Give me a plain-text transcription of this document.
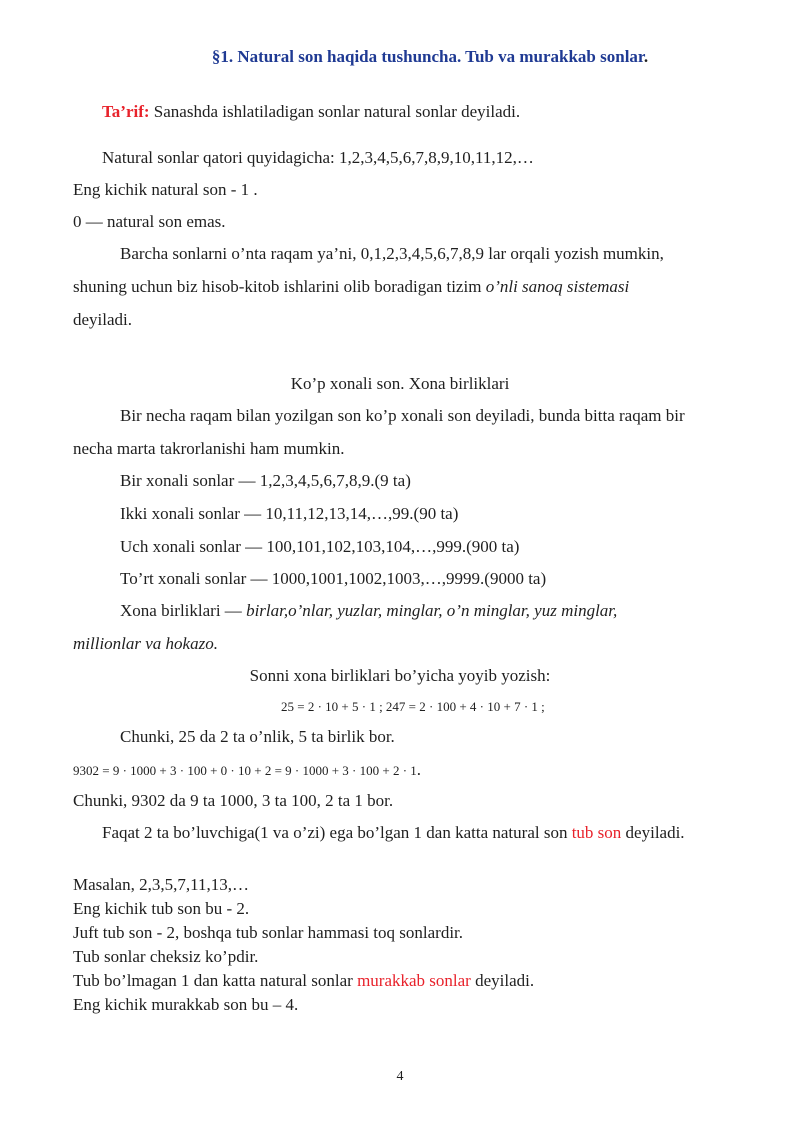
§1. Natural son haqida tushuncha. Tub va murakkab sonlar.
Ta’rif: Sanashda ishlatiladigan sonlar natural sonlar deyiladi.
Natural sonlar qatori quyidagicha: 1,2,3,4,5,6,7,8,9,10,11,12,…
Eng kichik natural son - 1 .
0 — natural son emas.
Barcha sonlarni o’nta raqam ya’ni, 0,1,2,3,4,5,6,7,8,9 lar orqali yozish mumkin,
shuning uchun biz hisob-kitob ishlarini olib boradigan tizim o’nli sanoq sistemasi
deyiladi.
Ko’p xonali son. Xona birliklari
Bir necha raqam bilan yozilgan son ko’p xonali son deyiladi, bunda bitta raqam bir
necha marta takrorlanishi ham mumkin.
Bir xonali sonlar — 1,2,3,4,5,6,7,8,9.(9 ta)
Ikki xonali sonlar — 10,11,12,13,14,…,99.(90 ta)
Uch xonali sonlar — 100,101,102,103,104,…,999.(900 ta)
To’rt xonali sonlar — 1000,1001,1002,1003,…,9999.(9000 ta)
Xona birliklari — birlar,o’nlar, yuzlar, minglar, o’n minglar, yuz minglar,
millionlar va hokazo.
Sonni xona birliklari bo’yicha yoyib yozish:
25 = 2 · 10 + 5 · 1 ; 247 = 2 · 100 + 4 · 10 + 7 · 1 ;
Chunki, 25 da 2 ta o’nlik, 5 ta birlik bor.
9302 = 9 · 1000 + 3 · 100 + 0 · 10 + 2 = 9 · 1000 + 3 · 100 + 2 · 1.
Chunki, 9302 da 9 ta 1000, 3 ta 100, 2 ta 1 bor.
Faqat 2 ta bo’luvchiga(1 va o’zi) ega bo’lgan 1 dan katta natural son tub son deyiladi.
Masalan, 2,3,5,7,11,13,…
Eng kichik tub son bu - 2.
Juft tub son - 2, boshqa tub sonlar hammasi toq sonlardir.
Tub sonlar cheksiz ko’pdir.
Tub bo’lmagan 1 dan katta natural sonlar murakkab sonlar deyiladi.
Eng kichik murakkab son bu – 4.
4
